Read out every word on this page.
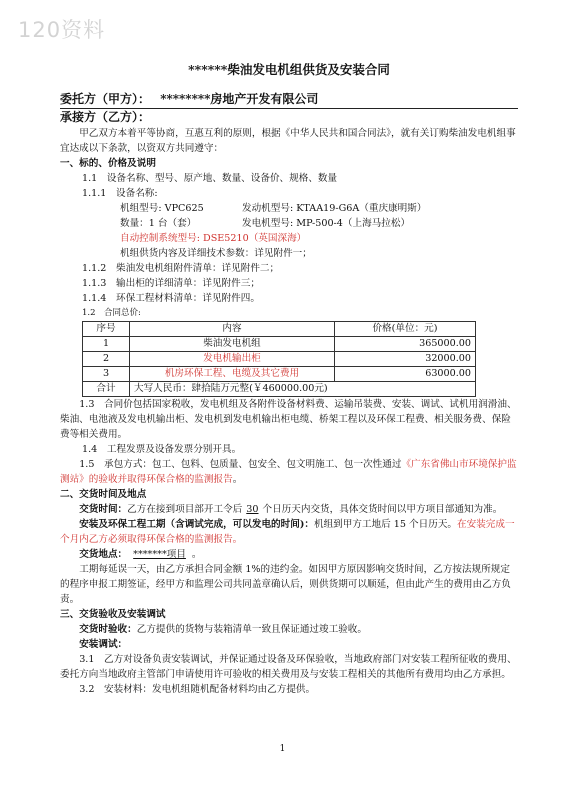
120资料

******柴油发电机组供货及安装合同

委托方（甲方）： ********房地产开发有限公司
承接方（乙方）：

甲乙双方本着平等协商，互惠互利的原则，根据《中华人民共和国合同法》，就有关订购柴油发电机组事宜达成以下条款，以资双方共同遵守：

一、标的、价格及说明

1.1　设备名称、型号、原产地、数量、设备价、规格、数量

1.1.1　设备名称:

机组型号: VPC625	发动机型号: KTAA19-G6A（重庆康明斯）
数量：1 台（套）	发电机型号: MP-500-4（上海马拉松）

自动控制系统型号: DSE5210（英国深海）

机组供货内容及详细技术参数：详见附件一；

1.1.2　柴油发电机组附件清单：详见附件二；

1.1.3　输出柜的详细清单：详见附件三；

1.1.4　环保工程材料清单：详见附件四。

1.2　合同总价:

序号	内容	价格(单位：元)
1	柴油发电机组	365000.00
2	发电机输出柜	32000.00
3	机房环保工程、电缆及其它费用	63000.00
合计	大写人民币：肆拾陆万元整(￥460000.00元)	

1.3　合同价包括国家税收，发电机组及各附件设备材料费、运输吊装费、安装、调试、试机用润滑油、柴油、电池液及发电机输出柜、发电机到发电机输出柜电缆、桥架工程以及环保工程费、相关服务费、保险费等相关费用。

1.4　工程发票及设备发票分别开具。

1.5　承包方式：包工、包料、包质量、包安全、包文明施工、包一次性通过《广东省佛山市环境保护监测站》的验收并取得环保合格的监测报告。

二、交货时间及地点

交货时间：乙方在接到项目部开工令后 30 个日历天内交货，具体交货时间以甲方项目部通知为准。

安装及环保工程工期（含调试完成，可以发电的时间)：机组到甲方工地后 15 个日历天。在安装完成一个月内乙方必须取得环保合格的监测报告。

交货地点： *******项目 。

工期每延误一天，由乙方承担合同金额 1%的违约金。如因甲方原因影响交货时间，乙方按法规所规定的程序申报工期签证，经甲方和监理公司共同盖章确认后，则供货期可以顺延，但由此产生的费用由乙方负责。

三、交货验收及安装调试

交货时验收：乙方提供的货物与装箱清单一致且保证通过竣工验收。

安装调试：

3.1　乙方对设备负责安装调试，并保证通过设备及环保验收，当地政府部门对安装工程所征收的费用、委托方向当地政府主管部门申请使用许可验收的相关费用及与安装工程相关的其他所有费用均由乙方承担。

3.2　安装材料：发电机组随机配备材料均由乙方提供。

1
